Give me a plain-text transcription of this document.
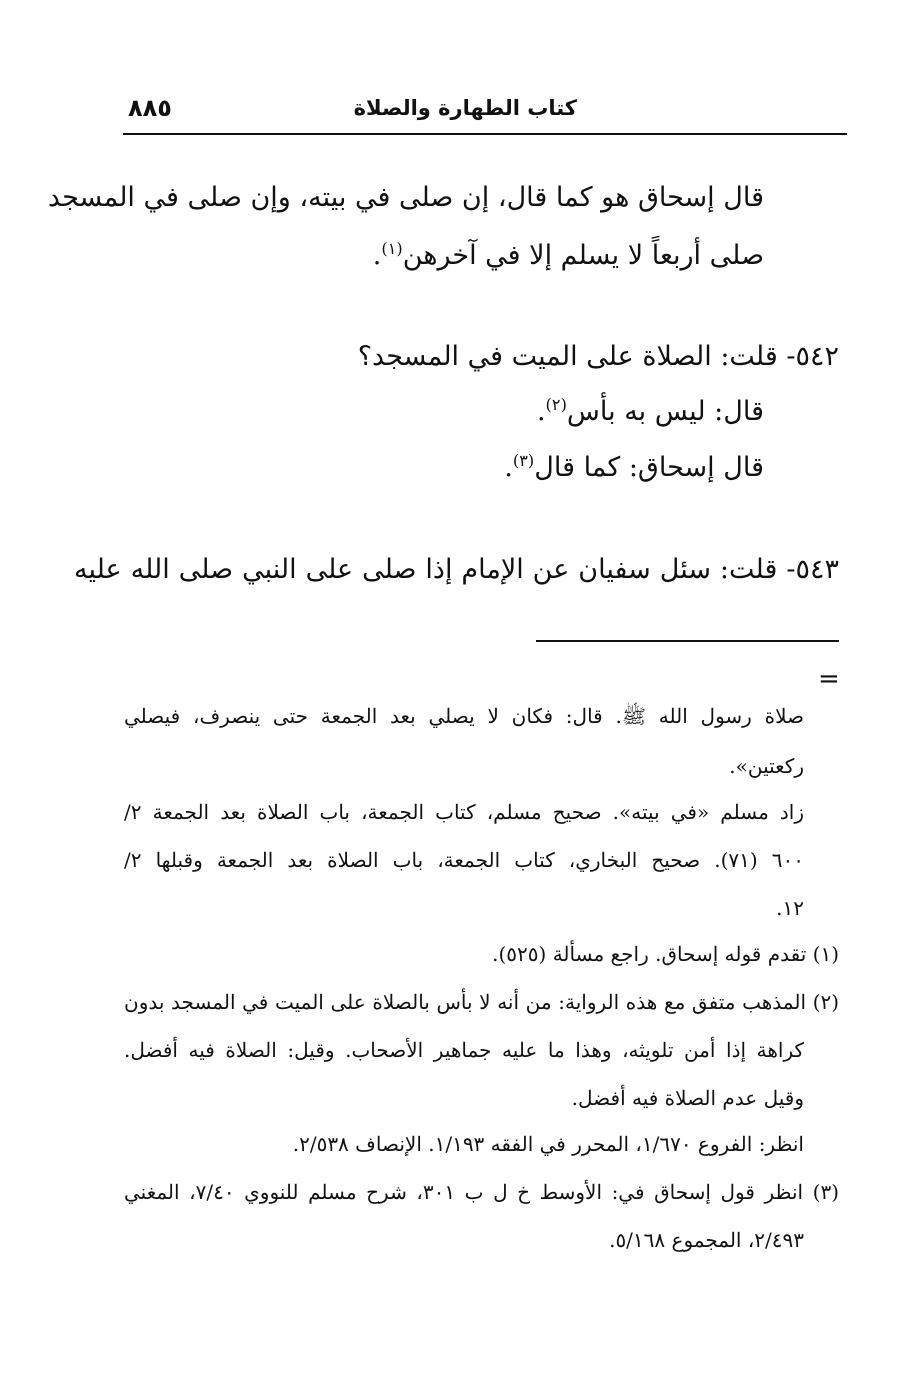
كتاب الطهارة والصلاة
٨٨٥
قال إسحاق هو كما قال، إن صلى في بيته، وإن صلى في المسجد
صلى أربعاً لا يسلم إلا في آخرهن$^{(١)}$.
٥٤٢- قلت: الصلاة على الميت في المسجد؟
قال: ليس به بأس$^{(٢)}$.
قال إسحاق: كما قال$^{(٣)}$.
٥٤٣- قلت: سئل سفيان عن الإمام إذا صلى على النبي صلى الله عليه
=
صلاة رسول الله ﷺ. قال: فكان لا يصلي بعد الجمعة حتى ينصرف، فيصلي
ركعتين».
زاد مسلم «في بيته». صحيح مسلم، كتاب الجمعة، باب الصلاة بعد الجمعة ٢/
٦٠٠ (٧١). صحيح البخاري، كتاب الجمعة، باب الصلاة بعد الجمعة وقبلها ٢/
١٢.
(١) تقدم قوله إسحاق. راجع مسألة (٥٢٥).
(٢) المذهب متفق مع هذه الرواية: من أنه لا بأس بالصلاة على الميت في المسجد بدون
كراهة إذا أمن تلويثه، وهذا ما عليه جماهير الأصحاب. وقيل: الصلاة فيه أفضل.
وقيل عدم الصلاة فيه أفضل.
انظر: الفروع ١/٦٧٠، المحرر في الفقه ١/١٩٣. الإنصاف ٢/٥٣٨.
(٣) انظر قول إسحاق في: الأوسط خ ل ب ٣٠١، شرح مسلم للنووي ٧/٤٠، المغني
٢/٤٩٣، المجموع ٥/١٦٨.
